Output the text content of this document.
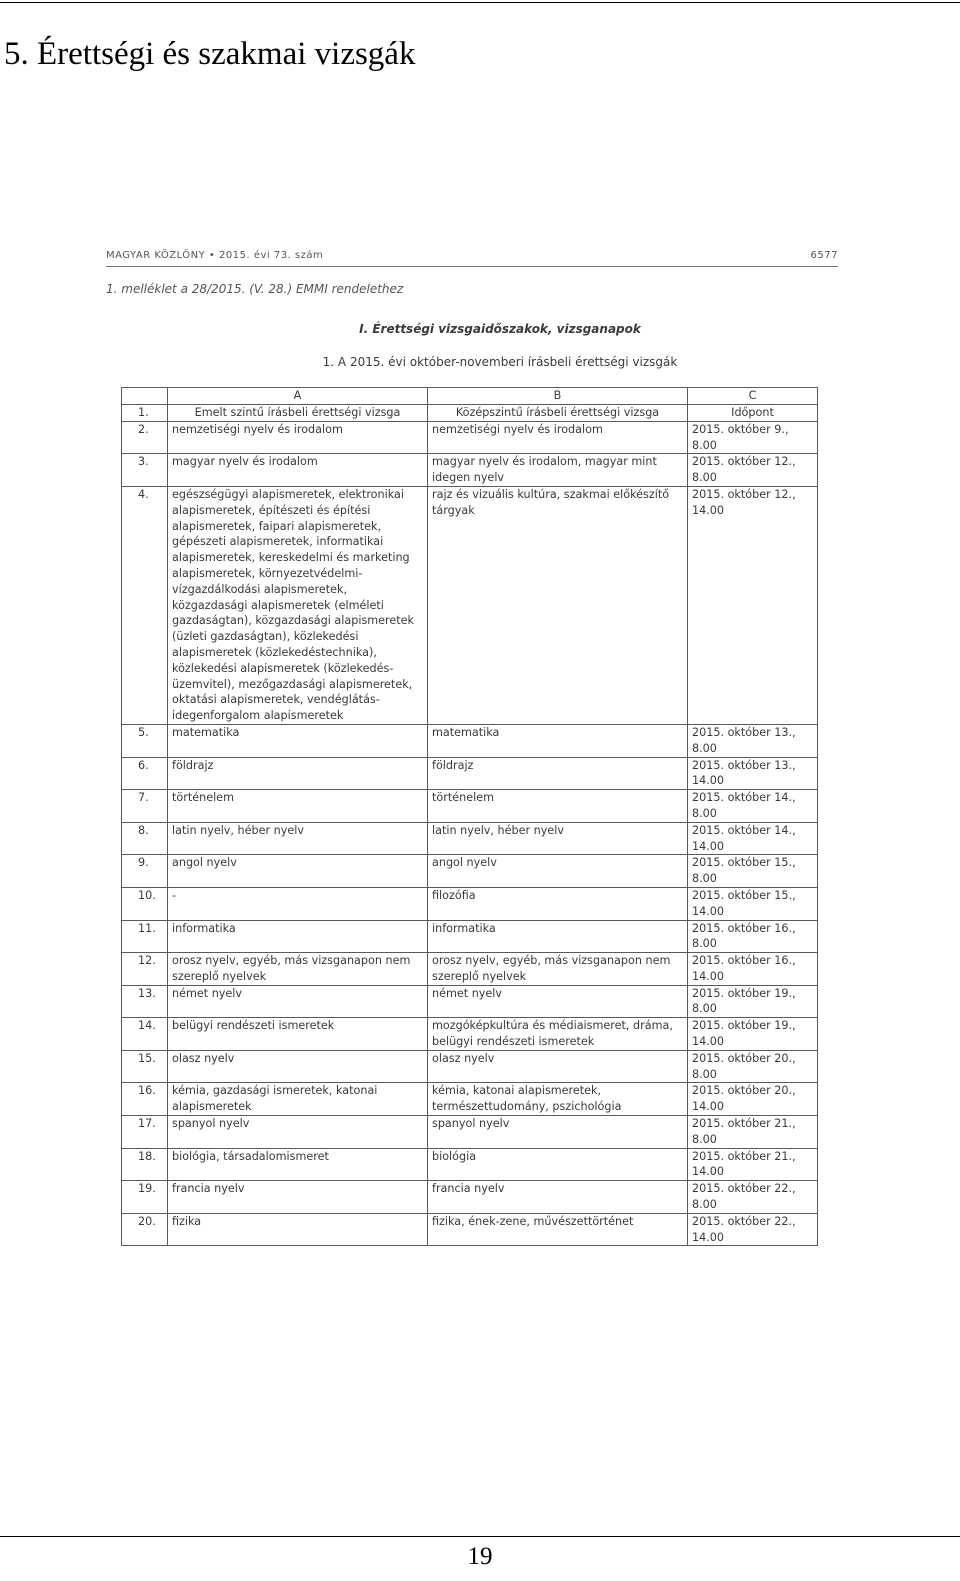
5. Érettségi és szakmai vizsgák
MAGYAR KÖZLÖNY • 2015. évi 73. szám	6577
1. melléklet a 28/2015. (V. 28.) EMMI rendelethez
I. Érettségi vizsgaidőszakok, vizsganapok
1. A 2015. évi október-novemberi írásbeli érettségi vizsgák
	A	B	C
1.	Emelt szintű írásbeli érettségi vizsga	Középszintű írásbeli érettségi vizsga	Időpont
2.	nemzetiségi nyelv és irodalom	nemzetiségi nyelv és irodalom	2015. október 9., 8.00
3.	magyar nyelv és irodalom	magyar nyelv és irodalom, magyar mint idegen nyelv	2015. október 12., 8.00
4.	egészségügyi alapismeretek, elektronikai alapismeretek, építészeti és építési alapismeretek, faipari alapismeretek, gépészeti alapismeretek, informatikai alapismeretek, kereskedelmi és marketing alapismeretek, környezetvédelmi- vízgazdálkodási alapismeretek, közgazdasági alapismeretek (elméleti gazdaságtan), közgazdasági alapismeretek (üzleti gazdaságtan), közlekedési alapismeretek (közlekedéstechnika), közlekedési alapismeretek (közlekedés-üzemvitel), mezőgazdasági alapismeretek, oktatási alapismeretek, vendéglátás-idegenforgalom alapismeretek	rajz és vizuális kultúra, szakmai előkészítő tárgyak	2015. október 12., 14.00
5.	matematika	matematika	2015. október 13., 8.00
6.	földrajz	földrajz	2015. október 13., 14.00
7.	történelem	történelem	2015. október 14., 8.00
8.	latin nyelv, héber nyelv	latin nyelv, héber nyelv	2015. október 14., 14.00
9.	angol nyelv	angol nyelv	2015. október 15., 8.00
10.	-	filozófia	2015. október 15., 14.00
11.	informatika	informatika	2015. október 16., 8.00
12.	orosz nyelv, egyéb, más vizsganapon nem szereplő nyelvek	orosz nyelv, egyéb, más vizsganapon nem szereplő nyelvek	2015. október 16., 14.00
13.	német nyelv	német nyelv	2015. október 19., 8.00
14.	belügyi rendészeti ismeretek	mozgóképkultúra és médiaismeret, dráma, belügyi rendészeti ismeretek	2015. október 19., 14.00
15.	olasz nyelv	olasz nyelv	2015. október 20., 8.00
16.	kémia, gazdasági ismeretek, katonai alapismeretek	kémia, katonai alapismeretek, természettudomány, pszichológia	2015. október 20., 14.00
17.	spanyol nyelv	spanyol nyelv	2015. október 21., 8.00
18.	biológia, társadalomismeret	biológia	2015. október 21., 14.00
19.	francia nyelv	francia nyelv	2015. október 22., 8.00
20.	fizika	fizika, ének-zene, művészettörténet	2015. október 22., 14.00
19
